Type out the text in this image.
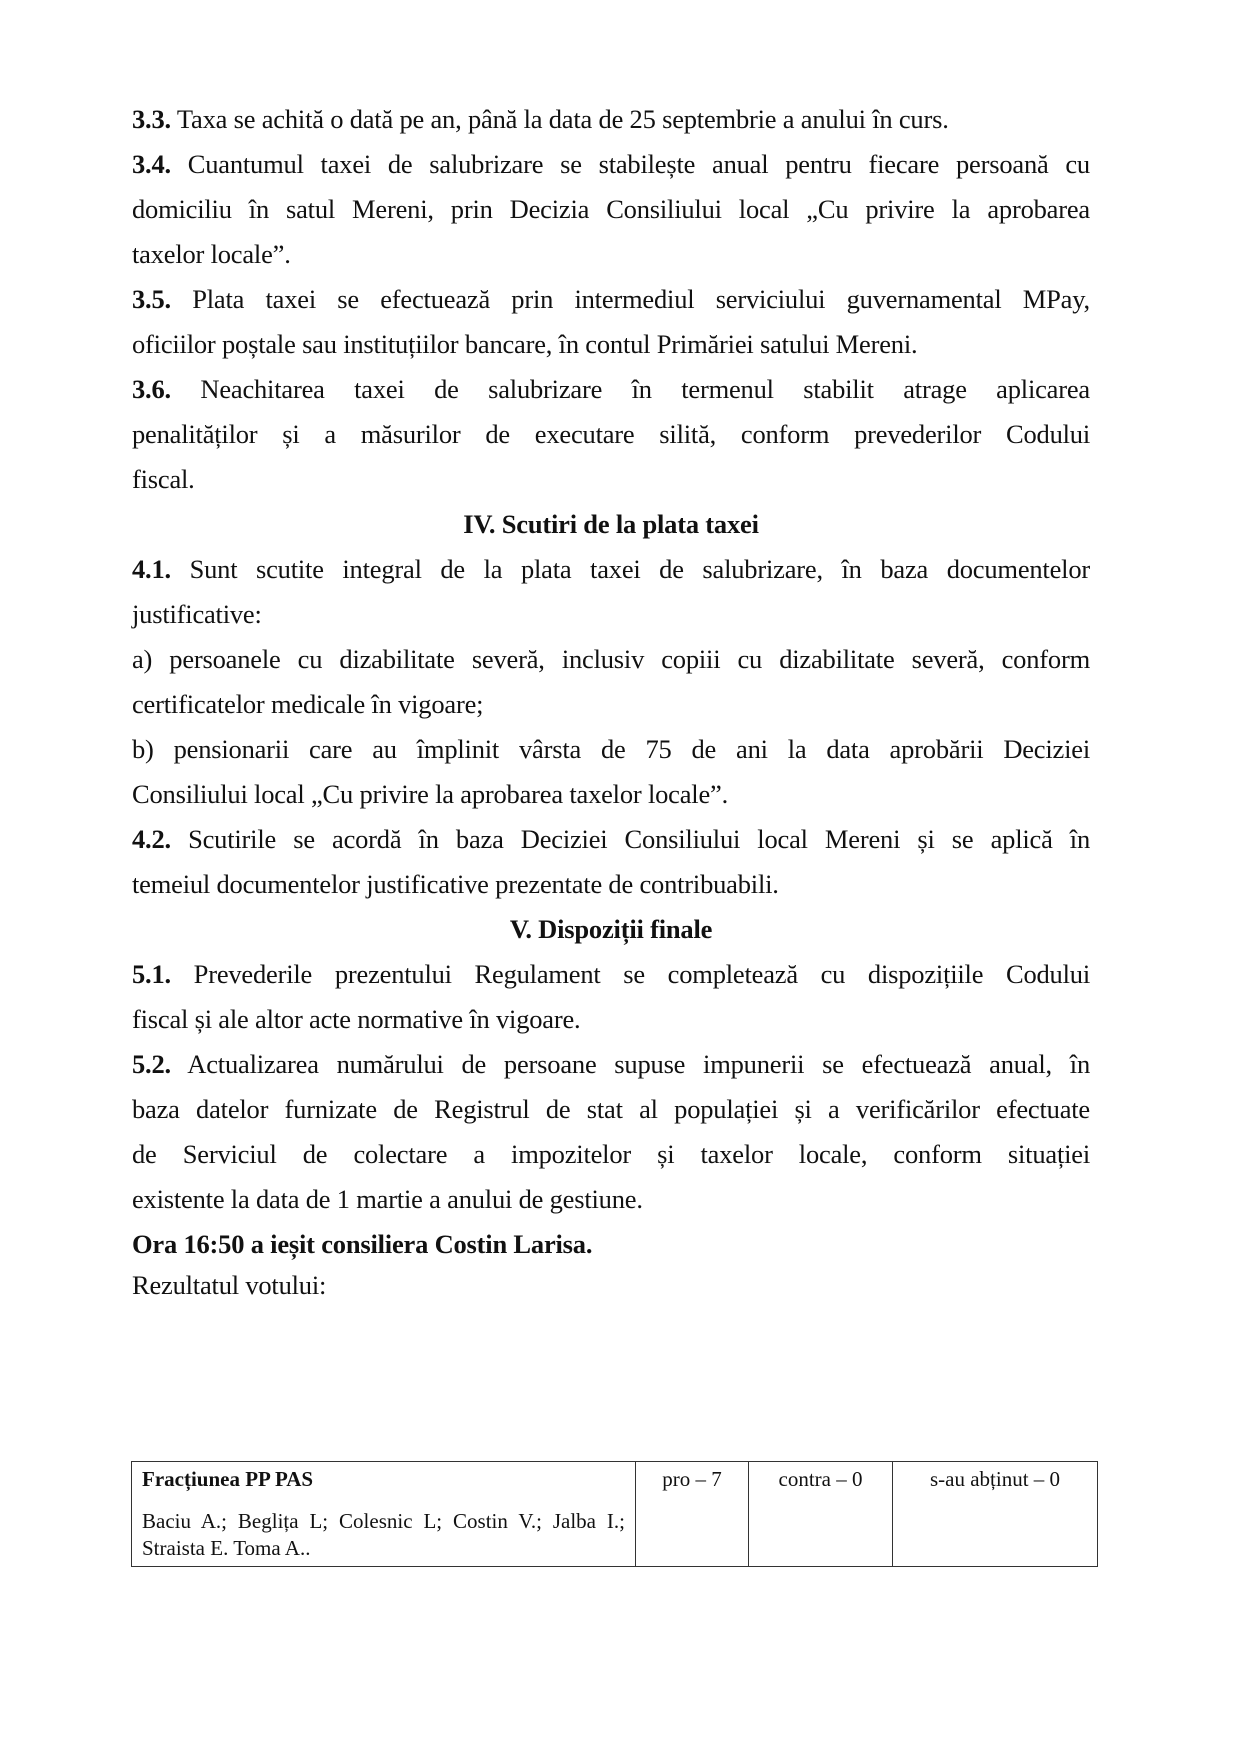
3.3. Taxa se achită o dată pe an, până la data de 25 septembrie a anului în curs.
3.4. Cuantumul taxei de salubrizare se stabilește anual pentru fiecare persoană cu
domiciliu în satul Mereni, prin Decizia Consiliului local „Cu privire la aprobarea
taxelor locale”.
3.5. Plata taxei se efectuează prin intermediul serviciului guvernamental MPay,
oficiilor poștale sau instituțiilor bancare, în contul Primăriei satului Mereni.
3.6. Neachitarea taxei de salubrizare în termenul stabilit atrage aplicarea
penalităților și a măsurilor de executare silită, conform prevederilor Codului
fiscal.
IV. Scutiri de la plata taxei
4.1. Sunt scutite integral de la plata taxei de salubrizare, în baza documentelor
justificative:
a) persoanele cu dizabilitate severă, inclusiv copiii cu dizabilitate severă, conform
certificatelor medicale în vigoare;
b) pensionarii care au împlinit vârsta de 75 de ani la data aprobării Deciziei
Consiliului local „Cu privire la aprobarea taxelor locale”.
4.2. Scutirile se acordă în baza Deciziei Consiliului local Mereni și se aplică în
temeiul documentelor justificative prezentate de contribuabili.
V. Dispoziții finale
5.1. Prevederile prezentului Regulament se completează cu dispozițiile Codului
fiscal și ale altor acte normative în vigoare.
5.2. Actualizarea numărului de persoane supuse impunerii se efectuează anual, în
baza datelor furnizate de Registrul de stat al populației și a verificărilor efectuate
de Serviciul de colectare a impozitelor și taxelor locale, conform situației
existente la data de 1 martie a anului de gestiune.
Ora 16:50 a ieșit consiliera Costin Larisa.
Rezultatul votului:
Fracțiunea PP PAS
Baciu A.; Beglița L; Colesnic L; Costin V.; Jalba I.; Straista E. Toma A..
	pro – 7	contra – 0	s-au abținut – 0
